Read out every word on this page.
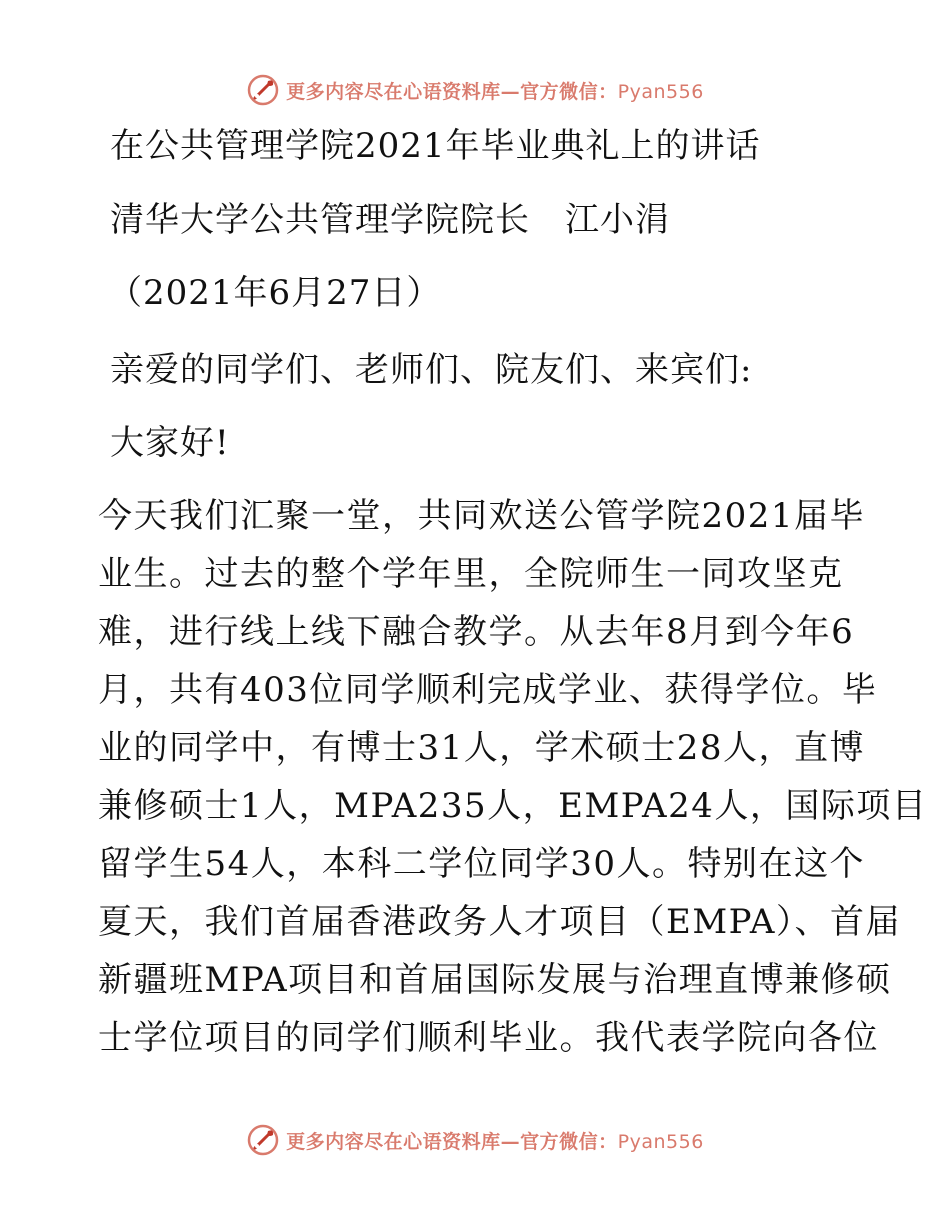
更多内容尽在心语资料库—官方微信：Pyan556
在公共管理学院2021年毕业典礼上的讲话
清华大学公共管理学院院长　江小涓
（2021年6月27日）
亲爱的同学们、老师们、院友们、来宾们:
大家好!
今天我们汇聚一堂，共同欢送公管学院2021届毕
业生。过去的整个学年里，全院师生一同攻坚克
难，进行线上线下融合教学。从去年8月到今年6
月，共有403位同学顺利完成学业、获得学位。毕
业的同学中，有博士31人，学术硕士28人，直博
兼修硕士1人，MPA235人，EMPA24人，国际项目
留学生54人，本科二学位同学30人。特别在这个
夏天，我们首届香港政务人才项目（EMPA）、首届
新疆班MPA项目和首届国际发展与治理直博兼修硕
士学位项目的同学们顺利毕业。我代表学院向各位
更多内容尽在心语资料库—官方微信：Pyan556
